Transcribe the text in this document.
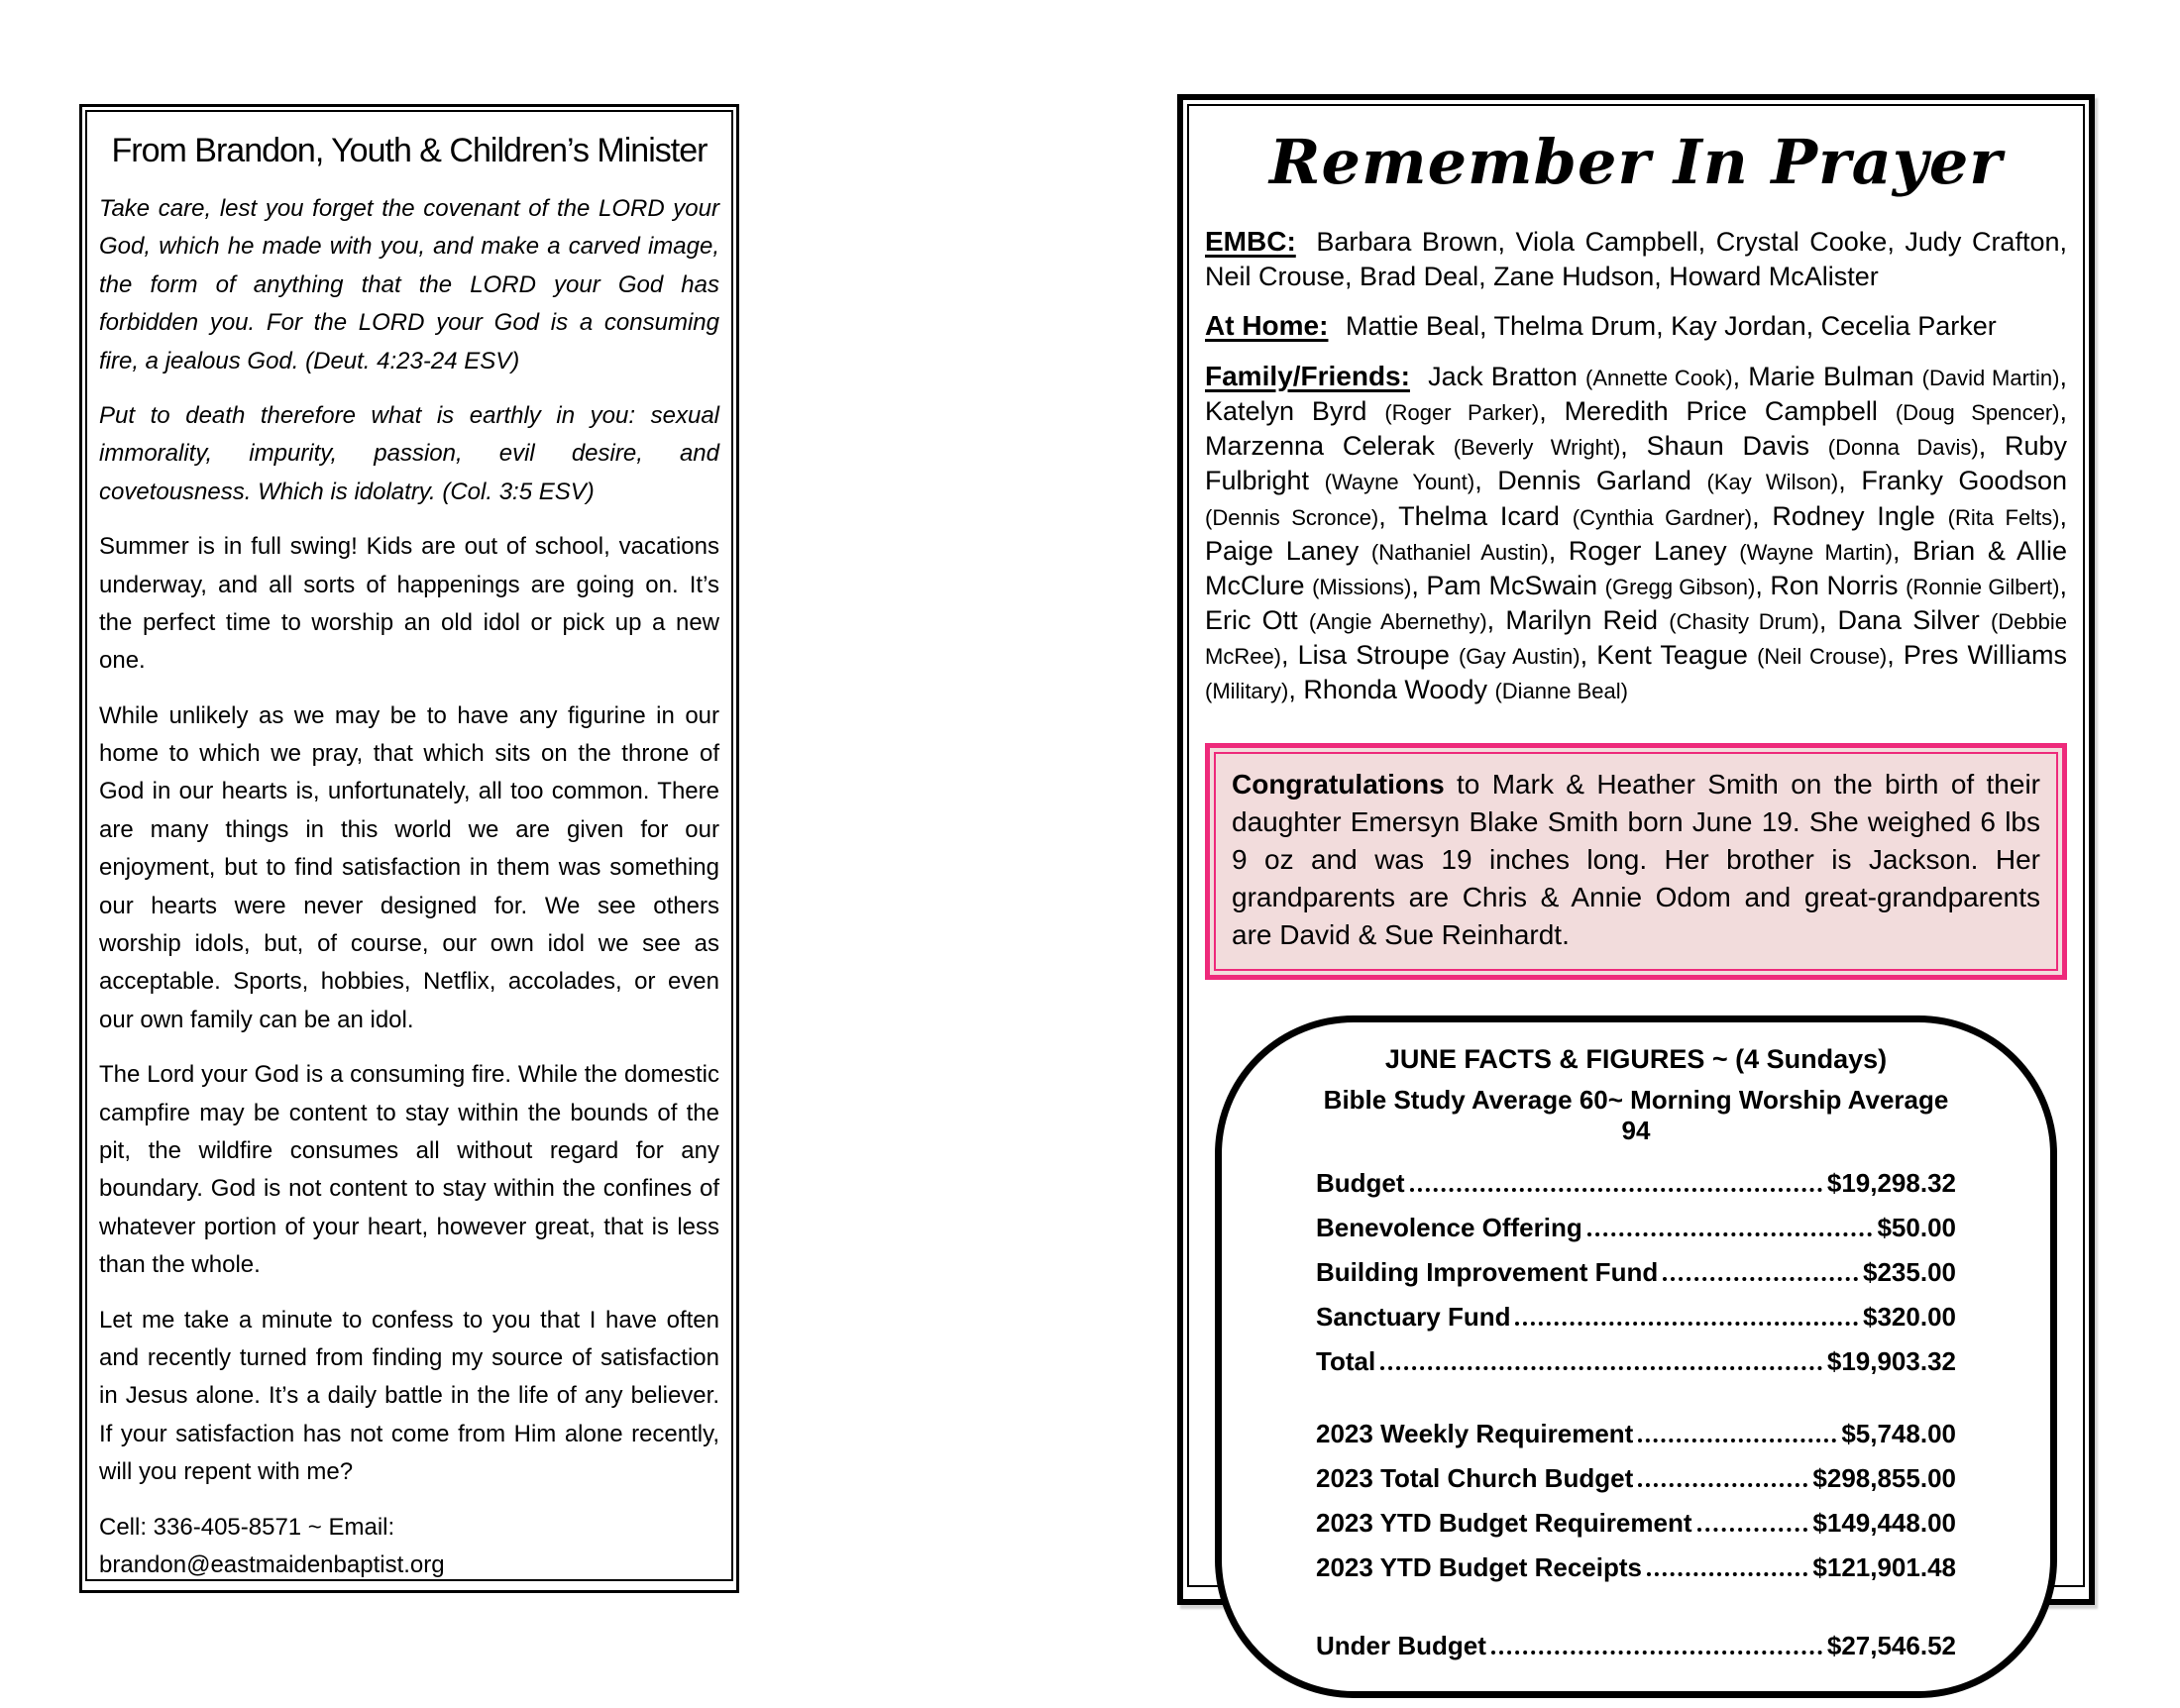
From Brandon, Youth & Children’s Minister

Take care, lest you forget the covenant of the LORD your God, which he made with you, and make a carved image, the form of anything that the LORD your God has forbidden you. For the LORD your God is a consuming fire, a jealous God. (Deut. 4:23-24 ESV)

Put to death therefore what is earthly in you: sexual immorality, impurity, passion, evil desire, and covetousness. Which is idolatry. (Col. 3:5 ESV)

Summer is in full swing! Kids are out of school, vacations underway, and all sorts of happenings are going on. It’s the perfect time to worship an old idol or pick up a new one.

While unlikely as we may be to have any figurine in our home to which we pray, that which sits on the throne of God in our hearts is, unfortunately, all too common. There are many things in this world we are given for our enjoyment, but to find satisfaction in them was something our hearts were never designed for. We see others worship idols, but, of course, our own idol we see as acceptable. Sports, hobbies, Netflix, accolades, or even our own family can be an idol.

The Lord your God is a consuming fire. While the domestic campfire may be content to stay within the bounds of the pit, the wildfire consumes all without regard for any boundary. God is not content to stay within the confines of whatever portion of your heart, however great, that is less than the whole.

Let me take a minute to confess to you that I have often and recently turned from finding my source of satisfaction in Jesus alone. It’s a daily battle in the life of any believer. If your satisfaction has not come from Him alone recently, will you repent with me?

Cell: 336-405-8571 ~ Email: brandon@eastmaidenbaptist.org

Remember In Prayer

EMBC: Barbara Brown, Viola Campbell, Crystal Cooke, Judy Crafton, Neil Crouse, Brad Deal, Zane Hudson, Howard McAlister

At Home: Mattie Beal, Thelma Drum, Kay Jordan, Cecelia Parker

Family/Friends: Jack Bratton (Annette Cook), Marie Bulman (David Martin), Katelyn Byrd (Roger Parker), Meredith Price Campbell (Doug Spencer), Marzenna Celerak (Beverly Wright), Shaun Davis (Donna Davis), Ruby Fulbright (Wayne Yount), Dennis Garland (Kay Wilson), Franky Goodson (Dennis Scronce), Thelma Icard (Cynthia Gardner), Rodney Ingle (Rita Felts), Paige Laney (Nathaniel Austin), Roger Laney (Wayne Martin), Brian & Allie McClure (Missions), Pam McSwain (Gregg Gibson), Ron Norris (Ronnie Gilbert), Eric Ott (Angie Abernethy), Marilyn Reid (Chasity Drum), Dana Silver (Debbie McRee), Lisa Stroupe (Gay Austin), Kent Teague (Neil Crouse), Pres Williams (Military), Rhonda Woody (Dianne Beal)

Congratulations to Mark & Heather Smith on the birth of their daughter Emersyn Blake Smith born June 19. She weighed 6 lbs 9 oz and was 19 inches long. Her brother is Jackson. Her grandparents are Chris & Annie Odom and great-grandparents are David & Sue Reinhardt.

JUNE FACTS & FIGURES ~ (4 Sundays)

Bible Study Average 60~ Morning Worship Average 94

Budget	$19,298.32
Benevolence Offering	$50.00
Building Improvement Fund	$235.00
Sanctuary Fund	$320.00
Total	$19,903.32
2023 Weekly Requirement	$5,748.00
2023 Total Church Budget	$298,855.00
2023 YTD Budget Requirement	$149,448.00
2023 YTD Budget Receipts	$121,901.48
Under Budget	$27,546.52
